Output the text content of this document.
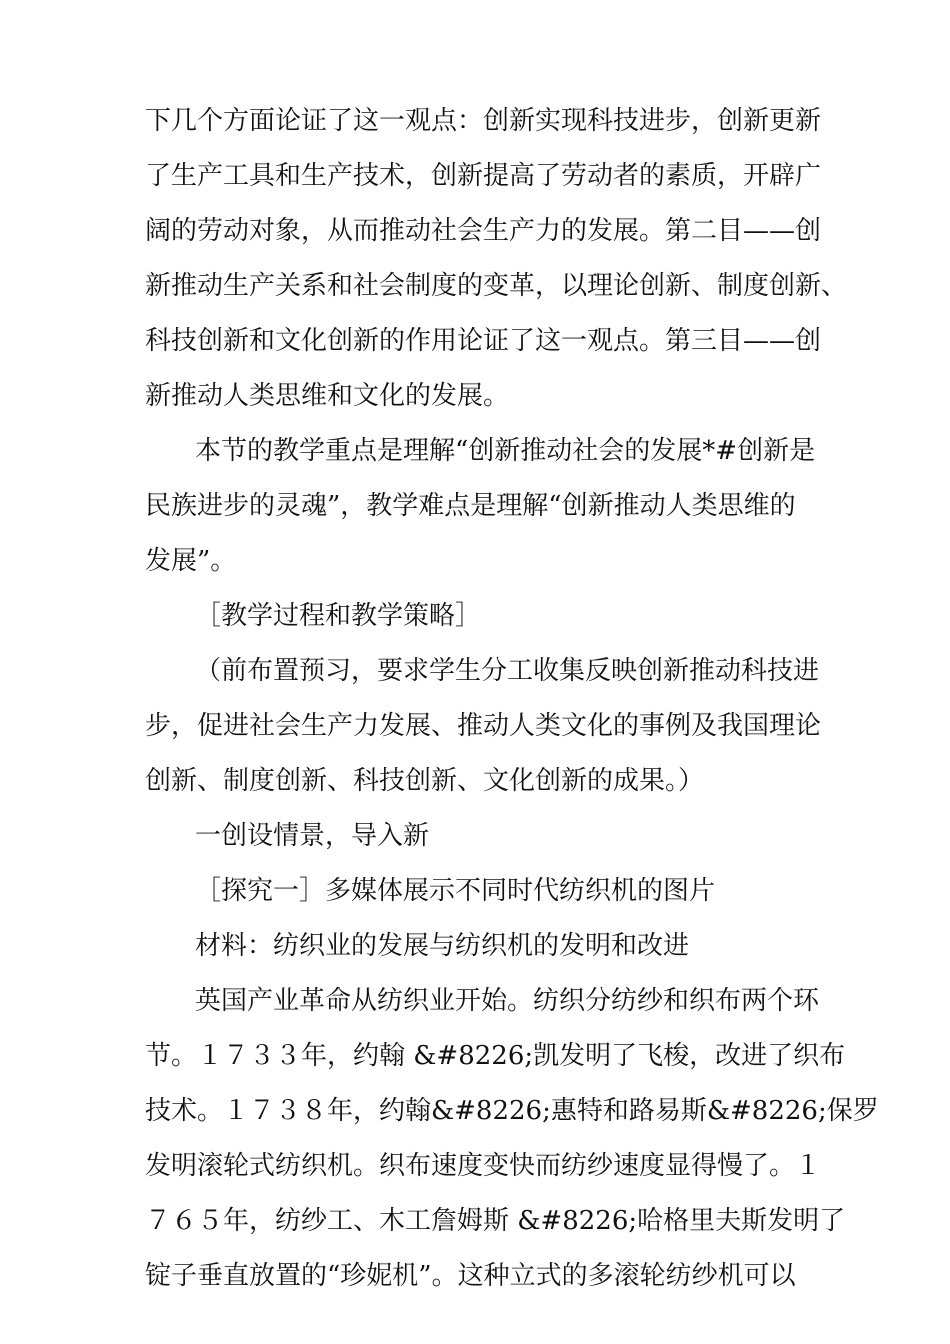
下几个方面论证了这一观点：创新实现科技进步，创新更新
了生产工具和生产技术，创新提高了劳动者的素质，开辟广
阔的劳动对象，从而推动社会生产力的发展。第二目——创
新推动生产关系和社会制度的变革，以理论创新、制度创新、
科技创新和文化创新的作用论证了这一观点。第三目——创
新推动人类思维和文化的发展。
本节的教学重点是理解“创新推动社会的发展*#创新是
民族进步的灵魂”，教学难点是理解“创新推动人类思维的
发展”。
［教学过程和教学策略］
（前布置预习，要求学生分工收集反映创新推动科技进
步，促进社会生产力发展、推动人类文化的事例及我国理论
创新、制度创新、科技创新、文化创新的成果。）
一创设情景，导入新
［探究一］多媒体展示不同时代纺织机的图片
材料：纺织业的发展与纺织机的发明和改进
英国产业革命从纺织业开始。纺织分纺纱和织布两个环
节。１７３３年，约翰 &#8226;凯发明了飞梭，改进了织布
技术。１７３８年，约翰&#8226;惠特和路易斯&#8226;保罗
发明滚轮式纺织机。织布速度变快而纺纱速度显得慢了。１
７６５年，纺纱工、木工詹姆斯 &#8226;哈格里夫斯发明了
锭子垂直放置的“珍妮机”。这种立式的多滚轮纺纱机可以
